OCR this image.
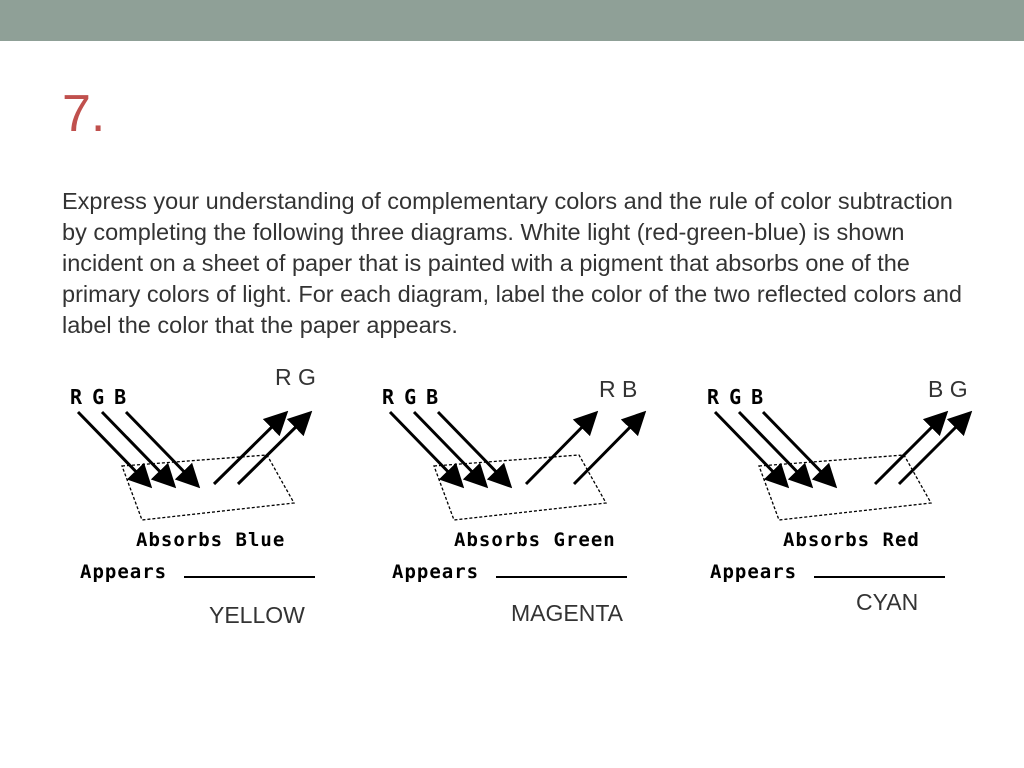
7.
Express your understanding of complementary colors and the rule of color subtraction by completing the following three diagrams. White light (red-green-blue) is shown incident on a sheet of paper that is painted with a pigment that absorbs one of the primary colors of light. For each diagram, label the color of the two reflected colors and label the color that the paper appears.
R G B
Absorbs Blue
Appears
R G
YELLOW
R G B
Absorbs Green
Appears
R B
MAGENTA
R G B
Absorbs Red
Appears
B G
CYAN
